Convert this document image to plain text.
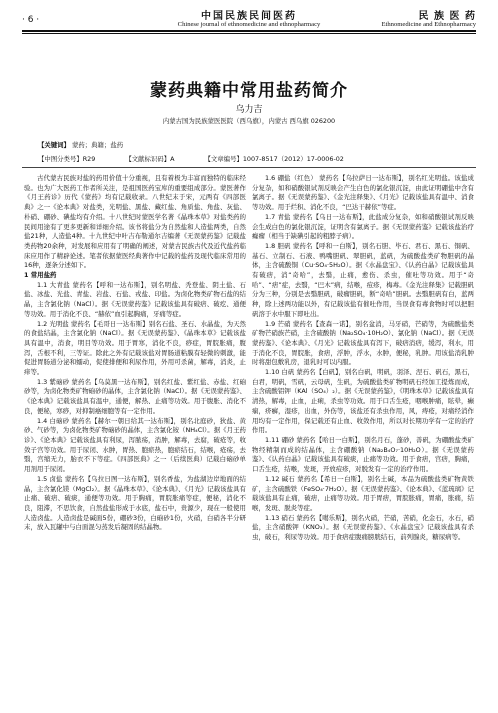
· 6 ·	中国民族民间医药
Chinese journal of ethnomedicine and ethnopharmacy
民 族 医 药
Ethnomedicine and Ethnopharmacy
蒙药典籍中常用盐药简介
乌力吉
内蒙古国为民族蒙医医院（西乌旗），内蒙古 西乌旗 026200
【关键词】 蒙药；典籍；盐药
【中图分类号】R29	【文献标识码】A	【文章编号】1007-8517（2012）17-0006-02

古代蒙古民族对盐的药用价值十分重视，且有着极为丰富而独特的临床经验。也为广大医药工作者所关注，是祖国医药宝库的重要组成部分。蒙医著作《月王药诊》历代《蒙药》均有记载收录。八世纪末于宋，元两有《四部医典》之一《论本典》对盐类，光明盐、黑盐、藏红盐、角质盐、角盐、灰盐、朴硝、硼砂、碘盐均有介绍。十八世纪时蒙医学名著《晶珠本草》对盐类药的民间用途有了更多更新和详细介绍。该书将盐分为自然盐和人造盐两类，自然盐21种，人造盐4种。十九世纪中叶吉布勒通尔吉编著《无误蒙药鉴》记载盐类药物20余种，对发展和应用有了明确的阐述，对蒙古民族古代及近代盐药临床应用作了精辟论述。笔者依据蒙医经典著作中记载的盐药及现代临床常用的16种，逐条分述如下。

1 常用盐药

1.1 大青盐 蒙药名【呼和一达布斯】，别名明盐、秃登盐、阴土盐、石盐、冰盐、光盐、青盐、岩盐、石盐、戎盐、印盐。为卤化物类矿物石盐的结晶，主含氯化钠（NaCl）。据《无误蒙药鉴》记载该盐具有破痞、破疙、通便等功效。用于消化不良、“赫依”血引起胸痛，牙痛等症。

1.2 光明盐 蒙药名【毛哥日一达布斯】别名石盐、圣石、水晶盐，为天然的食盐结晶，主含氯化钠（NaCl）。据《无误蒙药鉴》、《晶珠本草》记载该盐具有温中，消食，明目等功效。用于胃寒，消化不良，痧症，胃脘胀痛，腹泻，舌根不利，三等证。除此之外有记载该盐对胃肠道粘膜有轻微的刺激，能促进胃肠道分泌和蠕动，促使排便和利尿作用，外用可杀菌，解毒，消炎，止痒等。

1.3 紫硇砂 蒙药名【乌莫黑一达布斯】，别名红盐、紫红盐、赤盐、红硇砂等，为卤化物类矿物硇砂的晶体，主含氯化钠（NaCl）。据《无误蒙药鉴》、《论本典》记载该盐具有温中，通便，解热、止痛等功效。用于腹胀、消化不良，便秘，寒痧，对抑制癌细胞等有一定作用。

1.4 白硇砂 蒙药名【赫尔一朝日给其一达布斯】，别名北庭砂，狄盐、黄砂、气砂等，为卤化物类矿物硇砂的晶体，主含氯化铵（NH₄Cl）。据《月王药诊》、《论本典》记载该盐具有利尿，泻脓疡，消肿，解毒，去腐，破疮等，收敛子宫等功效。用于尿闭、水肿，胃热、胞瘀热，胞瘀结石，结喉，疮疡，去翳，宫缩无力，胎衣不下等症。《四部医典》之一（后续医典）记载白硇砂单用剂用于尿闭。

1.5 卤盐 蒙药名【乌拉日图一达布斯】，别名香盐，为盐湖边岸地面的结晶，主含氯化镁（MgCl₂）。据《晶珠本草》、《论本典》、《月光》记载该盐具有止痛、破痞、破痰，通便等功效。用于胸痛，胃脘胀痛等症，便秘，消化不良，阻滞，不思饮食，自然盐盐形成于水底，盐石中，贵源少，现在一般使用人造卤盐。人造卤盐是碱面5份，硼砂3份，白硇砂1份，火硝，白硝各半分研末，放入瓦罐中与白面混匀蒸发后凝固的结晶物。

1.6 硼盐（红色） 蒙药名【乌拉萨日一达布斯】，别名红光明盐。该盐成分复杂，如和硝酸银试剂反映会产生白色的氯化银沉淀，由此证明硼盐中含有氯离子。据《无误蒙药鉴》、《金光注释集》、《月光》记载该盐具有温中、消食等功效。用于烂积、消化不良，“巴达干赫依”等症。

1.7 青盐 蒙药名【乌日一达布斯】，此盐成分复杂，如和硝酸银试剂反映会生成白色的氯化银沉淀，证明含有氯离子。据《无误蒙药鉴》记载该盐治疗癃瘤（相当于缺碘引起的粗脖子病）。

1.8 胆矾 蒙药名【呼和一白斯】，别名石胆、毕石、君石、黑石、铜矾、基石、立制石、石液、鸭嘴胆矾、翠胆矾，蓝矾，为硫酸盐类矿物胆矾的晶体，主含硫酸铜（Cu·SO₄·5H₂O）。据《水晶盘宝》、《认药白晶》记载该盐具有破痞，消“奇哈”，去翳，止痛，愈伤、杀虫，催吐等功效。用于“奇哈”、“痞”症，去翳，“巴木”病，结喉，痘疹，梅毒。《金光注释集》记载胆矾分为三种，分别是去翳胆矾，破瘤胆矾，断“奇哈”胆矾。去翳胆矾有白，蓝两种，除上述两功能以外，有记载该盐有催吐作用，当误食有毒食物时可以把胆矾溶于水中服下即吐出。

1.9 芒硝 蒙药名【查森一诺】，别名盆消，马牙硝，芒硝等，为硫酸盐类矿物芒硝族芒硝，主含硫酸钠（Na₂SO₄·10H₂O）、氯化钠（NaCl）。据《无误蒙药鉴》、《论本典》、《月光》记载该盐具有泻下，破痞消痞，缓泻，利水，用于消化不良，胃脘胀，食痞，浮肿，浮水，水肿，便秘，乳肿。用该盐消乳肿时将甜包敷乳房，退乳时可以内服。

1.10 白矾 蒙药名【白矾】，别名白矾，明矾，羽泽、涅石、矾石，黑石，白君，明矾，雪矾，云母矾，生矾，为硫酸盐类矿物明矾石经加工提炼而成，主含硫酸铝钾（KAl（SO₄）₂）。据《无误蒙药鉴》，《明珠本草》记载该盐具有清热，解毒，止血，止痢，杀虫等功效。用于口舌生疮，咽喉肿痛，眩晕，癫痫，疥癣，湿疹，出血，外伤等，该盐还有杀虫作用，风，痔疮，对痛经消作用均有一定作用，保记载还有止血、收敛作用，所以对长期功学有一定的治疗作用。

1.11 硼砂 蒙药名【哈日一白斯】，别名月石，蓬砂，善矾，为硼酸盐类矿物经精制而成的结晶体，主含硼酸钠（Na₂B₄O₇·10H₂O）。据《无误蒙药鉴》、《认药白晶》记载该盐具有破痰，止痛等功效。用于食痞，宫痞，胸痛，口舌生疮，结喉，发斑，开放痘疹，对脱发有一定的治疗作用。

1.12 碱石 蒙药名【希日一白斯】，别名土碱，本品为硫酸盐类矿物黄铁矿，主含硫酸铁（FeSO₄·7H₂O）。据《无误蒙药鉴》、《论本典》、《蓝琉璃》记载该盐具有止痛，破痞，止痛等功效。用于胃痞，胃脘胀痛，胃痛，胀痛，结喉，发斑、脱炎等症。

1.13 硝石 蒙药名【噶乐斯】，别名火硝，芒硝，苦硝，化金石，水石，硝盐，主含硝酸钾（KNO₃）。据《无误蒙药鉴》、《水晶盘宝》记载该盐具有杀虫，破石，利尿等功效。用于食痞症腹痛膀胱结石，前列腺炎，糖尿病等。
